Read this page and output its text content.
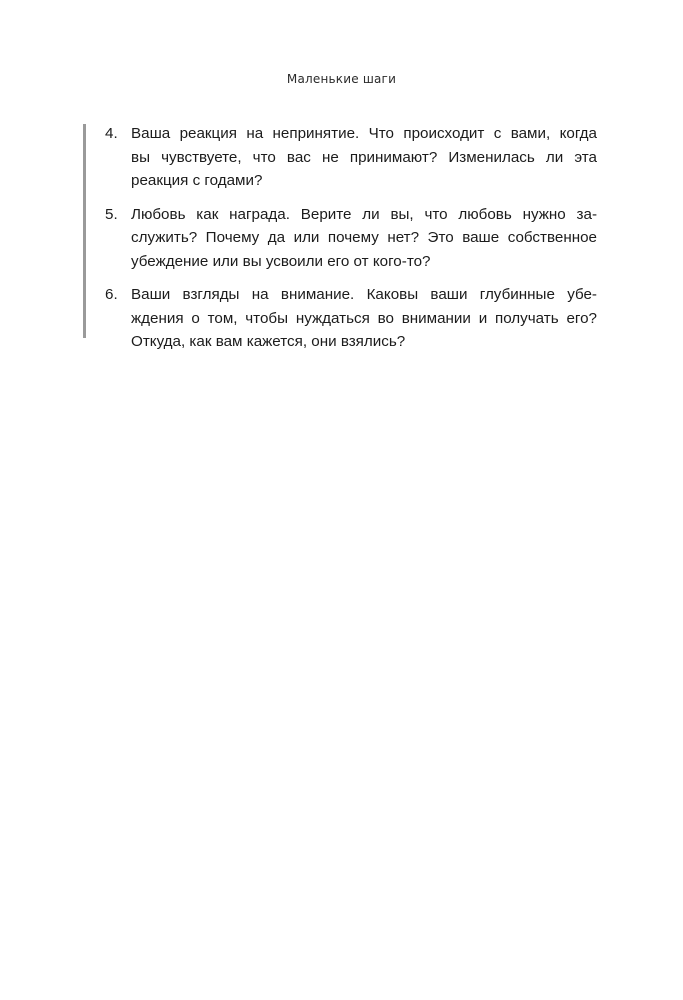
Маленькие шаги
4. Ваша реакция на непринятие. Что происходит с вами, когда
вы чувствуете, что вас не принимают? Изменилась ли эта
реакция с годами?
5. Любовь как награда. Верите ли вы, что любовь нужно за-
служить? Почему да или почему нет? Это ваше собственное
убеждение или вы усвоили его от кого-то?
6. Ваши взгляды на внимание. Каковы ваши глубинные убе-
ждения о том, чтобы нуждаться во внимании и получать его?
Откуда, как вам кажется, они взялись?
